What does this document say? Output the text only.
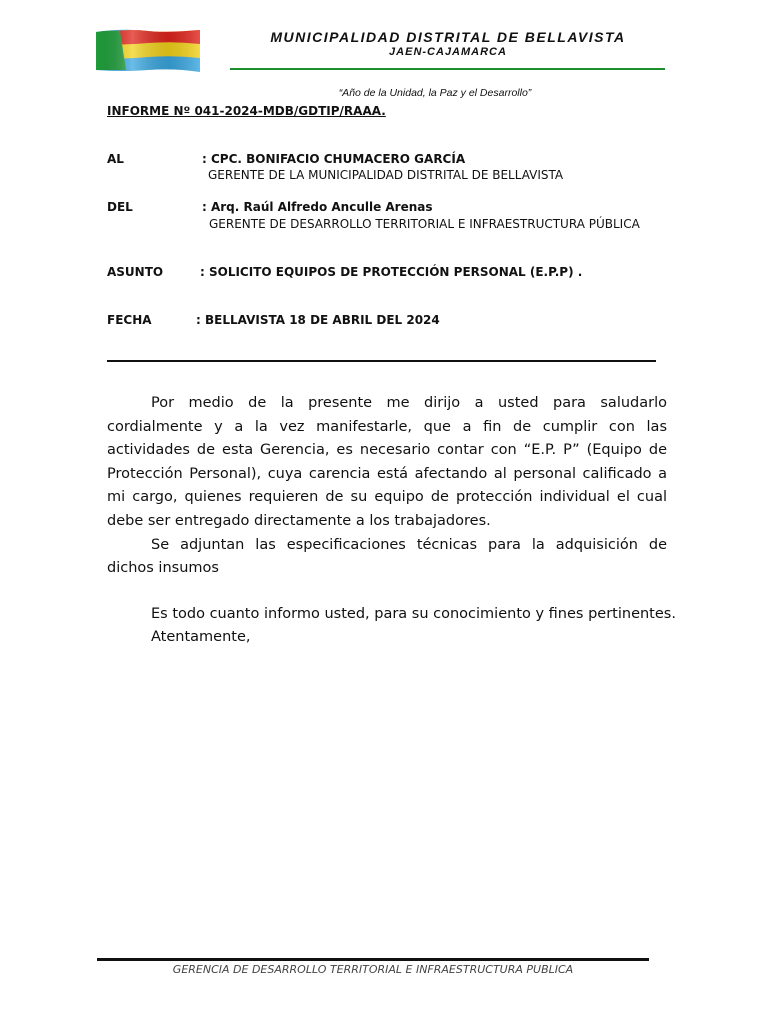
MUNICIPALIDAD DISTRITAL DE BELLAVISTA
JAEN-CAJAMARCA
“Año de la Unidad, la Paz y el Desarrollo”
INFORME Nº 041-2024-MDB/GDTIP/RAAA.
AL	: CPC. BONIFACIO CHUMACERO GARCÍA
GERENTE DE LA MUNICIPALIDAD DISTRITAL DE BELLAVISTA
DEL	: Arq. Raúl Alfredo Anculle Arenas
GERENTE DE DESARROLLO TERRITORIAL E INFRAESTRUCTURA PÚBLICA
ASUNTO	: SOLICITO EQUIPOS DE PROTECCIÓN PERSONAL (E.P.P) .
FECHA	: BELLAVISTA 18 DE ABRIL DEL 2024

Por medio de la presente me dirijo a usted para saludarlo cordialmente y a la vez manifestarle, que a fin de cumplir con las actividades de esta Gerencia, es necesario contar con “E.P. P” (Equipo de Protección Personal), cuya carencia está afectando al personal calificado a mi cargo, quienes requieren de su equipo de protección individual el cual debe ser entregado directamente a los trabajadores.

Se adjuntan las especificaciones técnicas para la adquisición de dichos insumos

Es todo cuanto informo usted, para su conocimiento y fines pertinentes.

Atentamente,

GERENCIA DE DESARROLLO TERRITORIAL E INFRAESTRUCTURA PUBLICA
